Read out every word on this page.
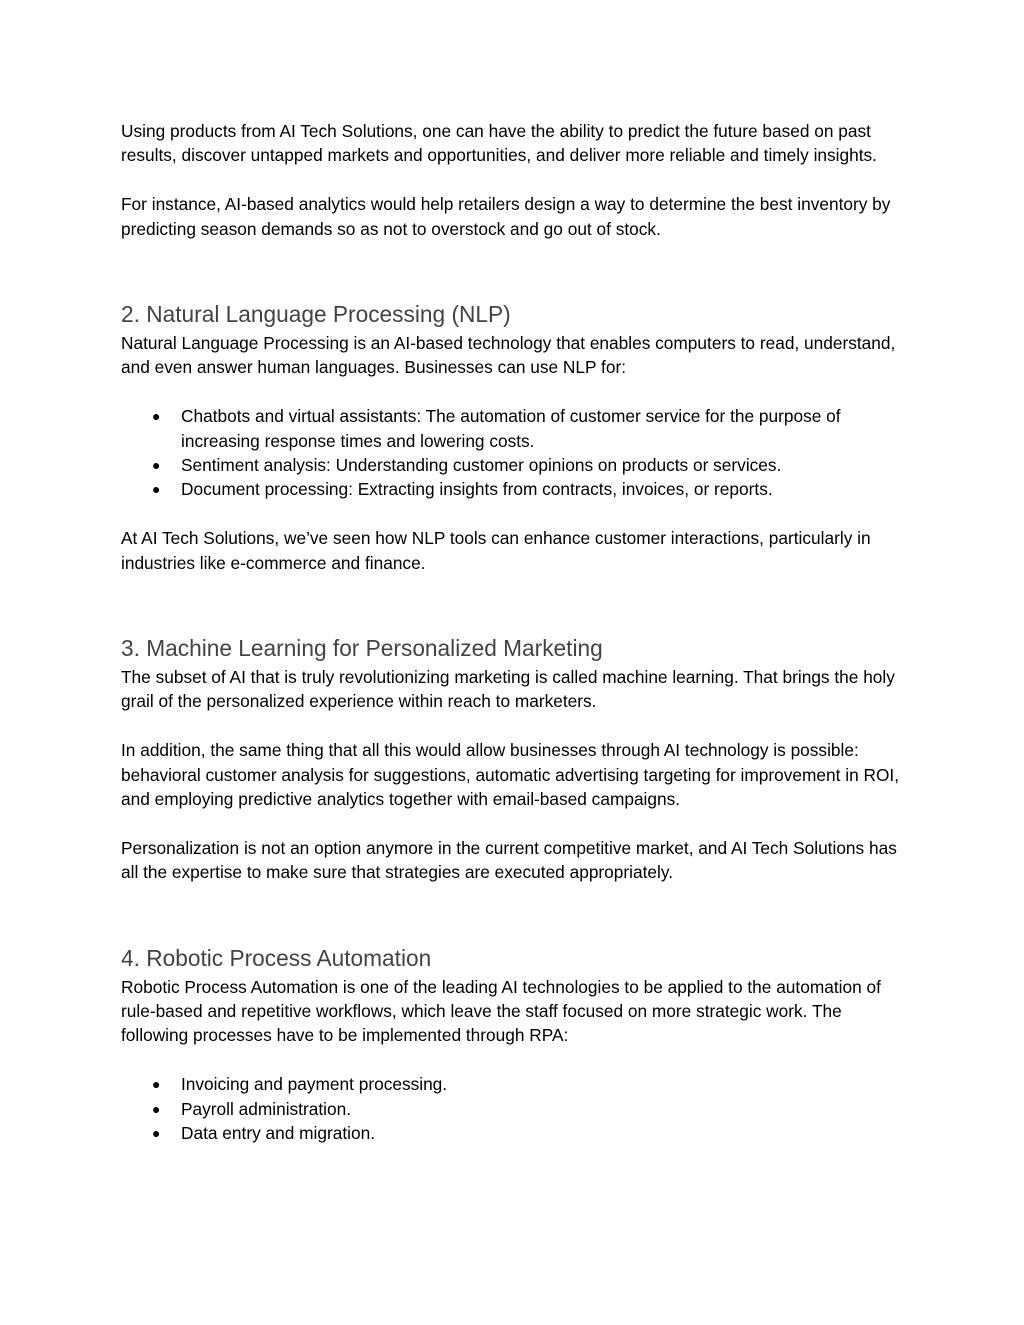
Using products from AI Tech Solutions, one can have the ability to predict the future based on past results, discover untapped markets and opportunities, and deliver more reliable and timely insights.

For instance, AI-based analytics would help retailers design a way to determine the best inventory by predicting season demands so as not to overstock and go out of stock.

2. Natural Language Processing (NLP)

Natural Language Processing is an AI-based technology that enables computers to read, understand, and even answer human languages. Businesses can use NLP for:

● Chatbots and virtual assistants: The automation of customer service for the purpose of increasing response times and lowering costs.
● Sentiment analysis: Understanding customer opinions on products or services.
● Document processing: Extracting insights from contracts, invoices, or reports.

At AI Tech Solutions, we’ve seen how NLP tools can enhance customer interactions, particularly in industries like e-commerce and finance.

3. Machine Learning for Personalized Marketing

The subset of AI that is truly revolutionizing marketing is called machine learning. That brings the holy grail of the personalized experience within reach to marketers.

In addition, the same thing that all this would allow businesses through AI technology is possible: behavioral customer analysis for suggestions, automatic advertising targeting for improvement in ROI, and employing predictive analytics together with email-based campaigns.

Personalization is not an option anymore in the current competitive market, and AI Tech Solutions has all the expertise to make sure that strategies are executed appropriately.

4. Robotic Process Automation

Robotic Process Automation is one of the leading AI technologies to be applied to the automation of rule-based and repetitive workflows, which leave the staff focused on more strategic work. The following processes have to be implemented through RPA:

● Invoicing and payment processing.
● Payroll administration.
● Data entry and migration.
